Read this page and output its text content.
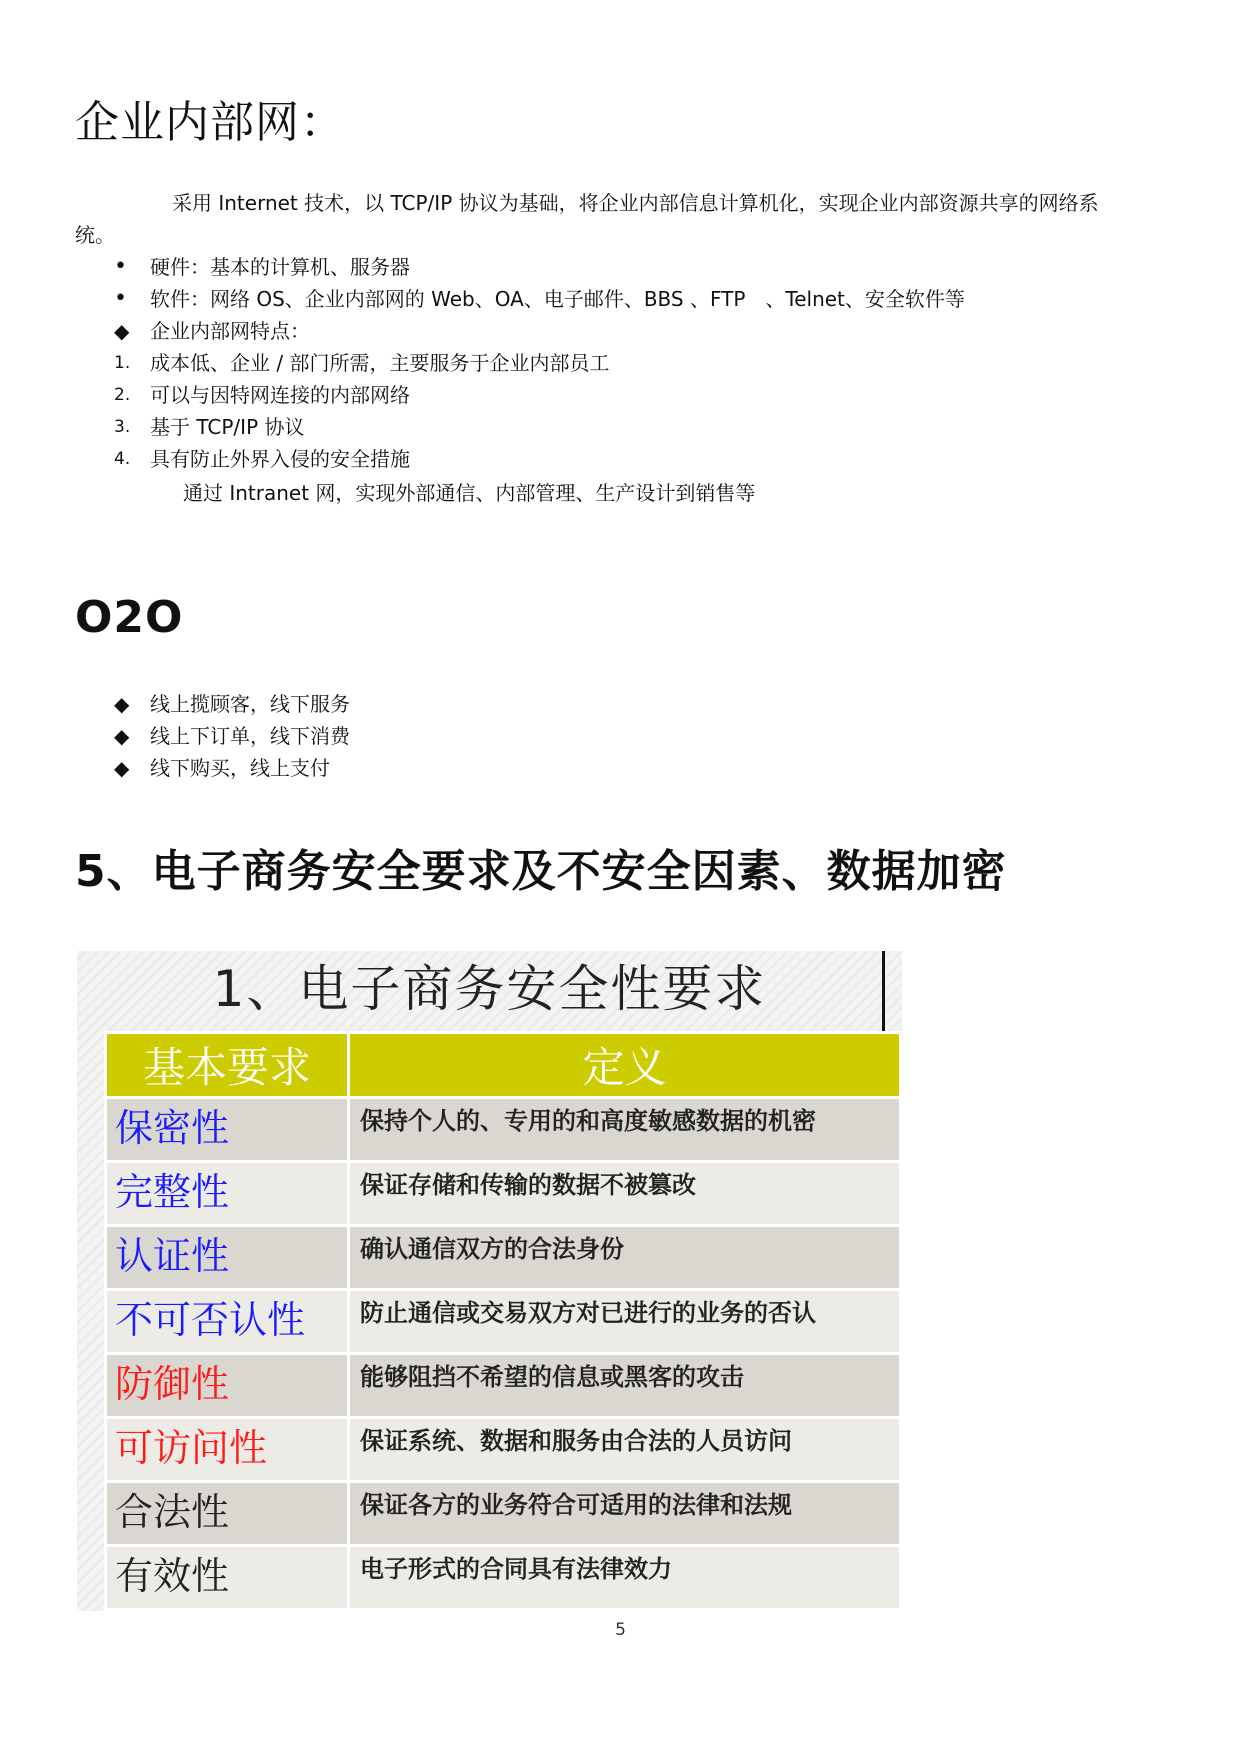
企业内部网：
采用 Internet 技术，以 TCP/IP 协议为基础，将企业内部信息计算机化，实现企业内部资源共享的网络系
统。
•	硬件：基本的计算机、服务器
•	软件：网络 OS、企业内部网的 Web、OA、电子邮件、BBS 、FTP　、Telnet、安全软件等
◆	企业内部网特点：
1. 成本低、企业 / 部门所需，主要服务于企业内部员工
2. 可以与因特网连接的内部网络
3. 基于 TCP/IP 协议
4. 具有防止外界入侵的安全措施
通过 Intranet 网，实现外部通信、内部管理、生产设计到销售等
O2O
◆	线上揽顾客，线下服务
◆	线上下订单，线下消费
◆	线下购买，线上支付
5、电子商务安全要求及不安全因素、数据加密
1、电子商务安全性要求
基本要求	定义
保密性	保持个人的、专用的和高度敏感数据的机密
完整性	保证存储和传输的数据不被篡改
认证性	确认通信双方的合法身份
不可否认性	防止通信或交易双方对已进行的业务的否认
防御性	能够阻挡不希望的信息或黑客的攻击
可访问性	保证系统、数据和服务由合法的人员访问
合法性	保证各方的业务符合可适用的法律和法规
有效性	电子形式的合同具有法律效力
5
